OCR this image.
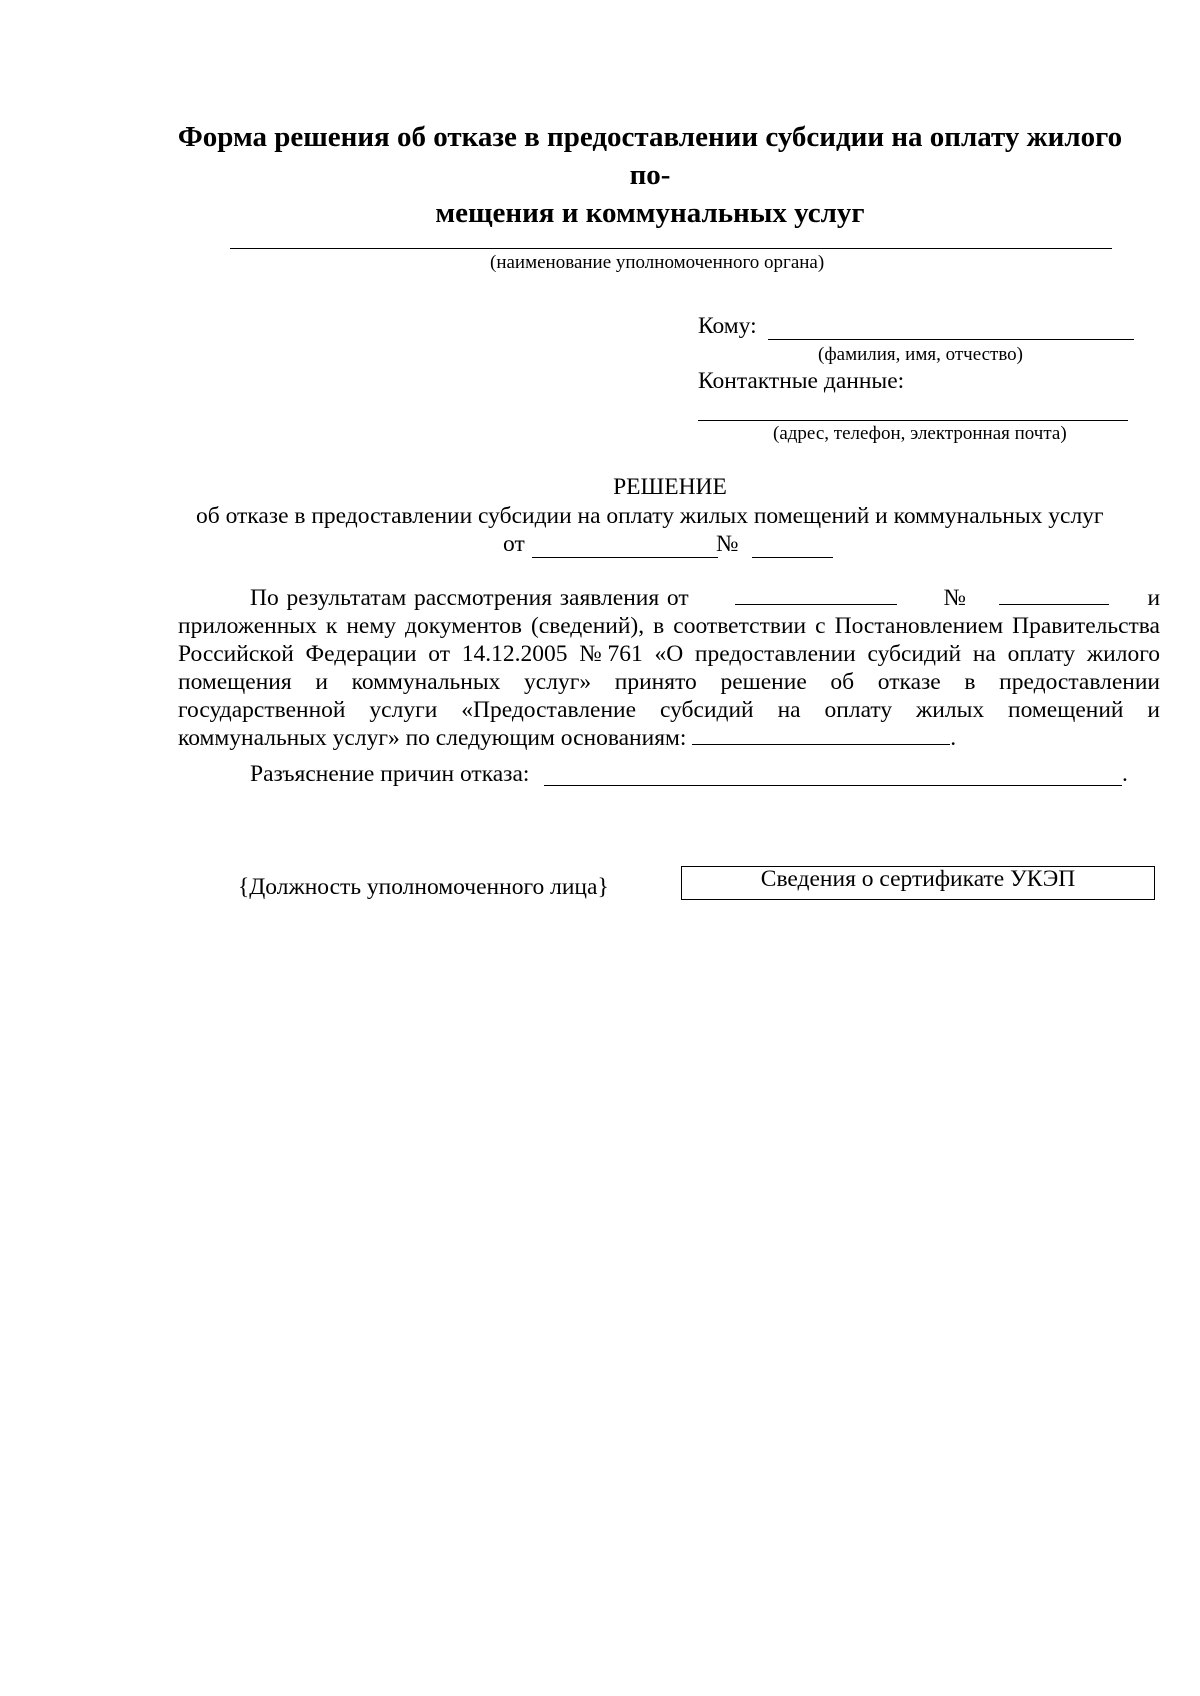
Форма решения об отказе в предоставлении субсидии на оплату жилого по-
мещения и коммунальных услуг
(наименование уполномоченного органа)
Кому:
(фамилия, имя, отчество)
Контактные данные:
(адрес, телефон, электронная почта)
РЕШЕНИЕ
об отказе в предоставлении субсидии на оплату жилых помещений и коммунальных услуг
от	№
По результатам рассмотрения заявления от	№	и приложенных к нему документов (сведений), в соответствии с Постановлением Правительства Российской Федерации от 14.12.2005 №761 «О предоставлении субсидий на оплату жилого помещения и коммунальных услуг» принято решение об отказе в предоставлении государственной услуги «Предоставление субсидий на оплату жилых помещений и коммунальных услуг» по следующим основаниям:	.
Разъяснение причин отказа:	.
{Должность уполномоченного лица}	Сведения о сертификате УКЭП
